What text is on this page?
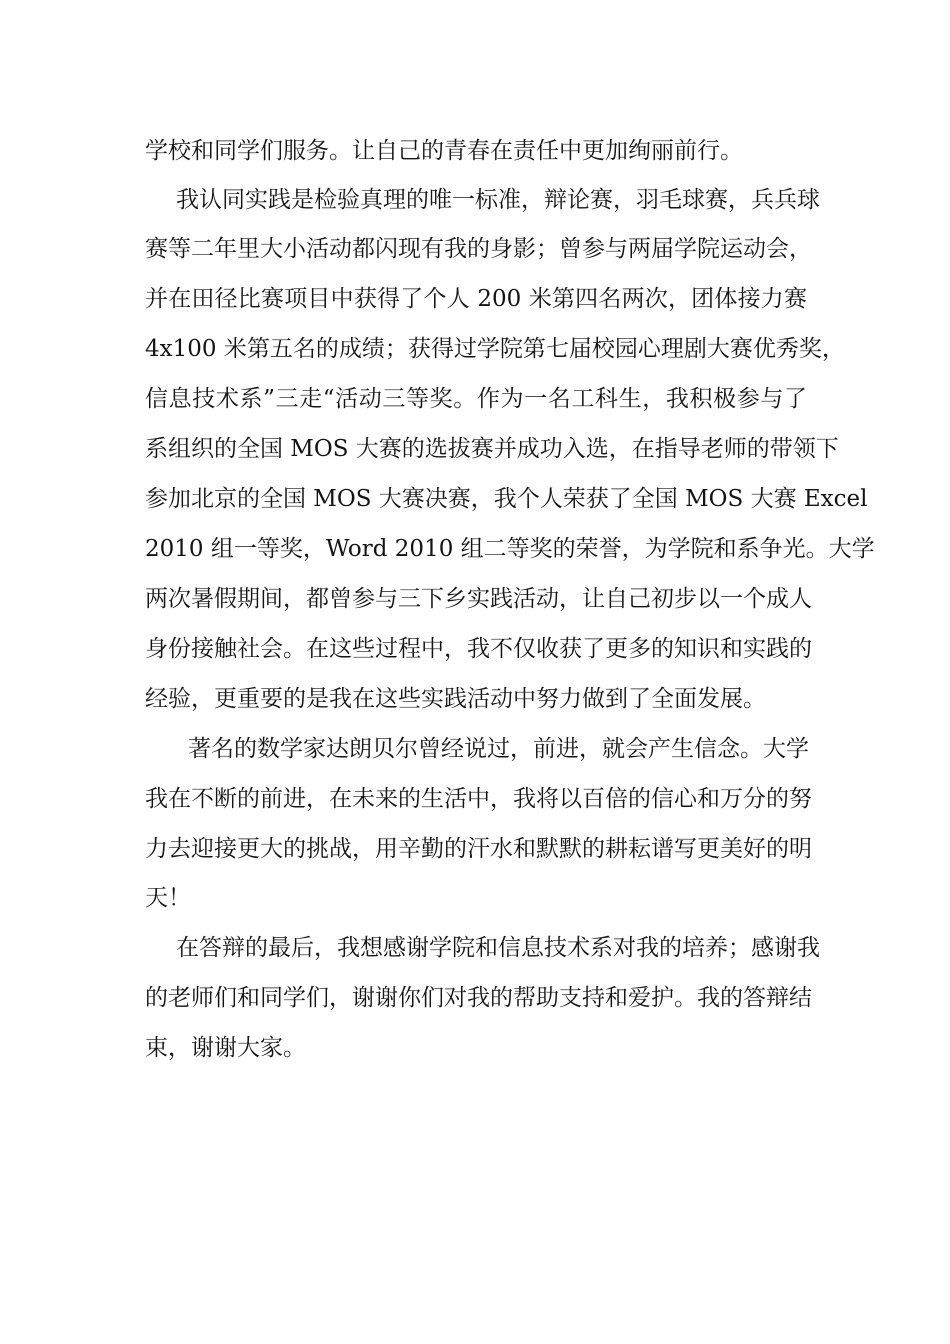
学校和同学们服务。让自己的青春在责任中更加绚丽前行。
我认同实践是检验真理的唯一标准，辩论赛，羽毛球赛，兵兵球
赛等二年里大小活动都闪现有我的身影；曾参与两届学院运动会，
并在田径比赛项目中获得了个人 200 米第四名两次，团体接力赛
4x100 米第五名的成绩；获得过学院第七届校园心理剧大赛优秀奖，
信息技术系”三走“活动三等奖。作为一名工科生，我积极参与了
系组织的全国 MOS 大赛的选拔赛并成功入选，在指导老师的带领下
参加北京的全国 MOS 大赛决赛，我个人荣获了全国 MOS 大赛 Excel
2010 组一等奖，Word 2010 组二等奖的荣誉，为学院和系争光。大学
两次暑假期间，都曾参与三下乡实践活动，让自己初步以一个成人
身份接触社会。在这些过程中，我不仅收获了更多的知识和实践的
经验，更重要的是我在这些实践活动中努力做到了全面发展。
著名的数学家达朗贝尔曾经说过，前进，就会产生信念。大学
我在不断的前进，在未来的生活中，我将以百倍的信心和万分的努
力去迎接更大的挑战，用辛勤的汗水和默默的耕耘谱写更美好的明
天！
在答辩的最后，我想感谢学院和信息技术系对我的培养；感谢我
的老师们和同学们，谢谢你们对我的帮助支持和爱护。我的答辩结
束，谢谢大家。
